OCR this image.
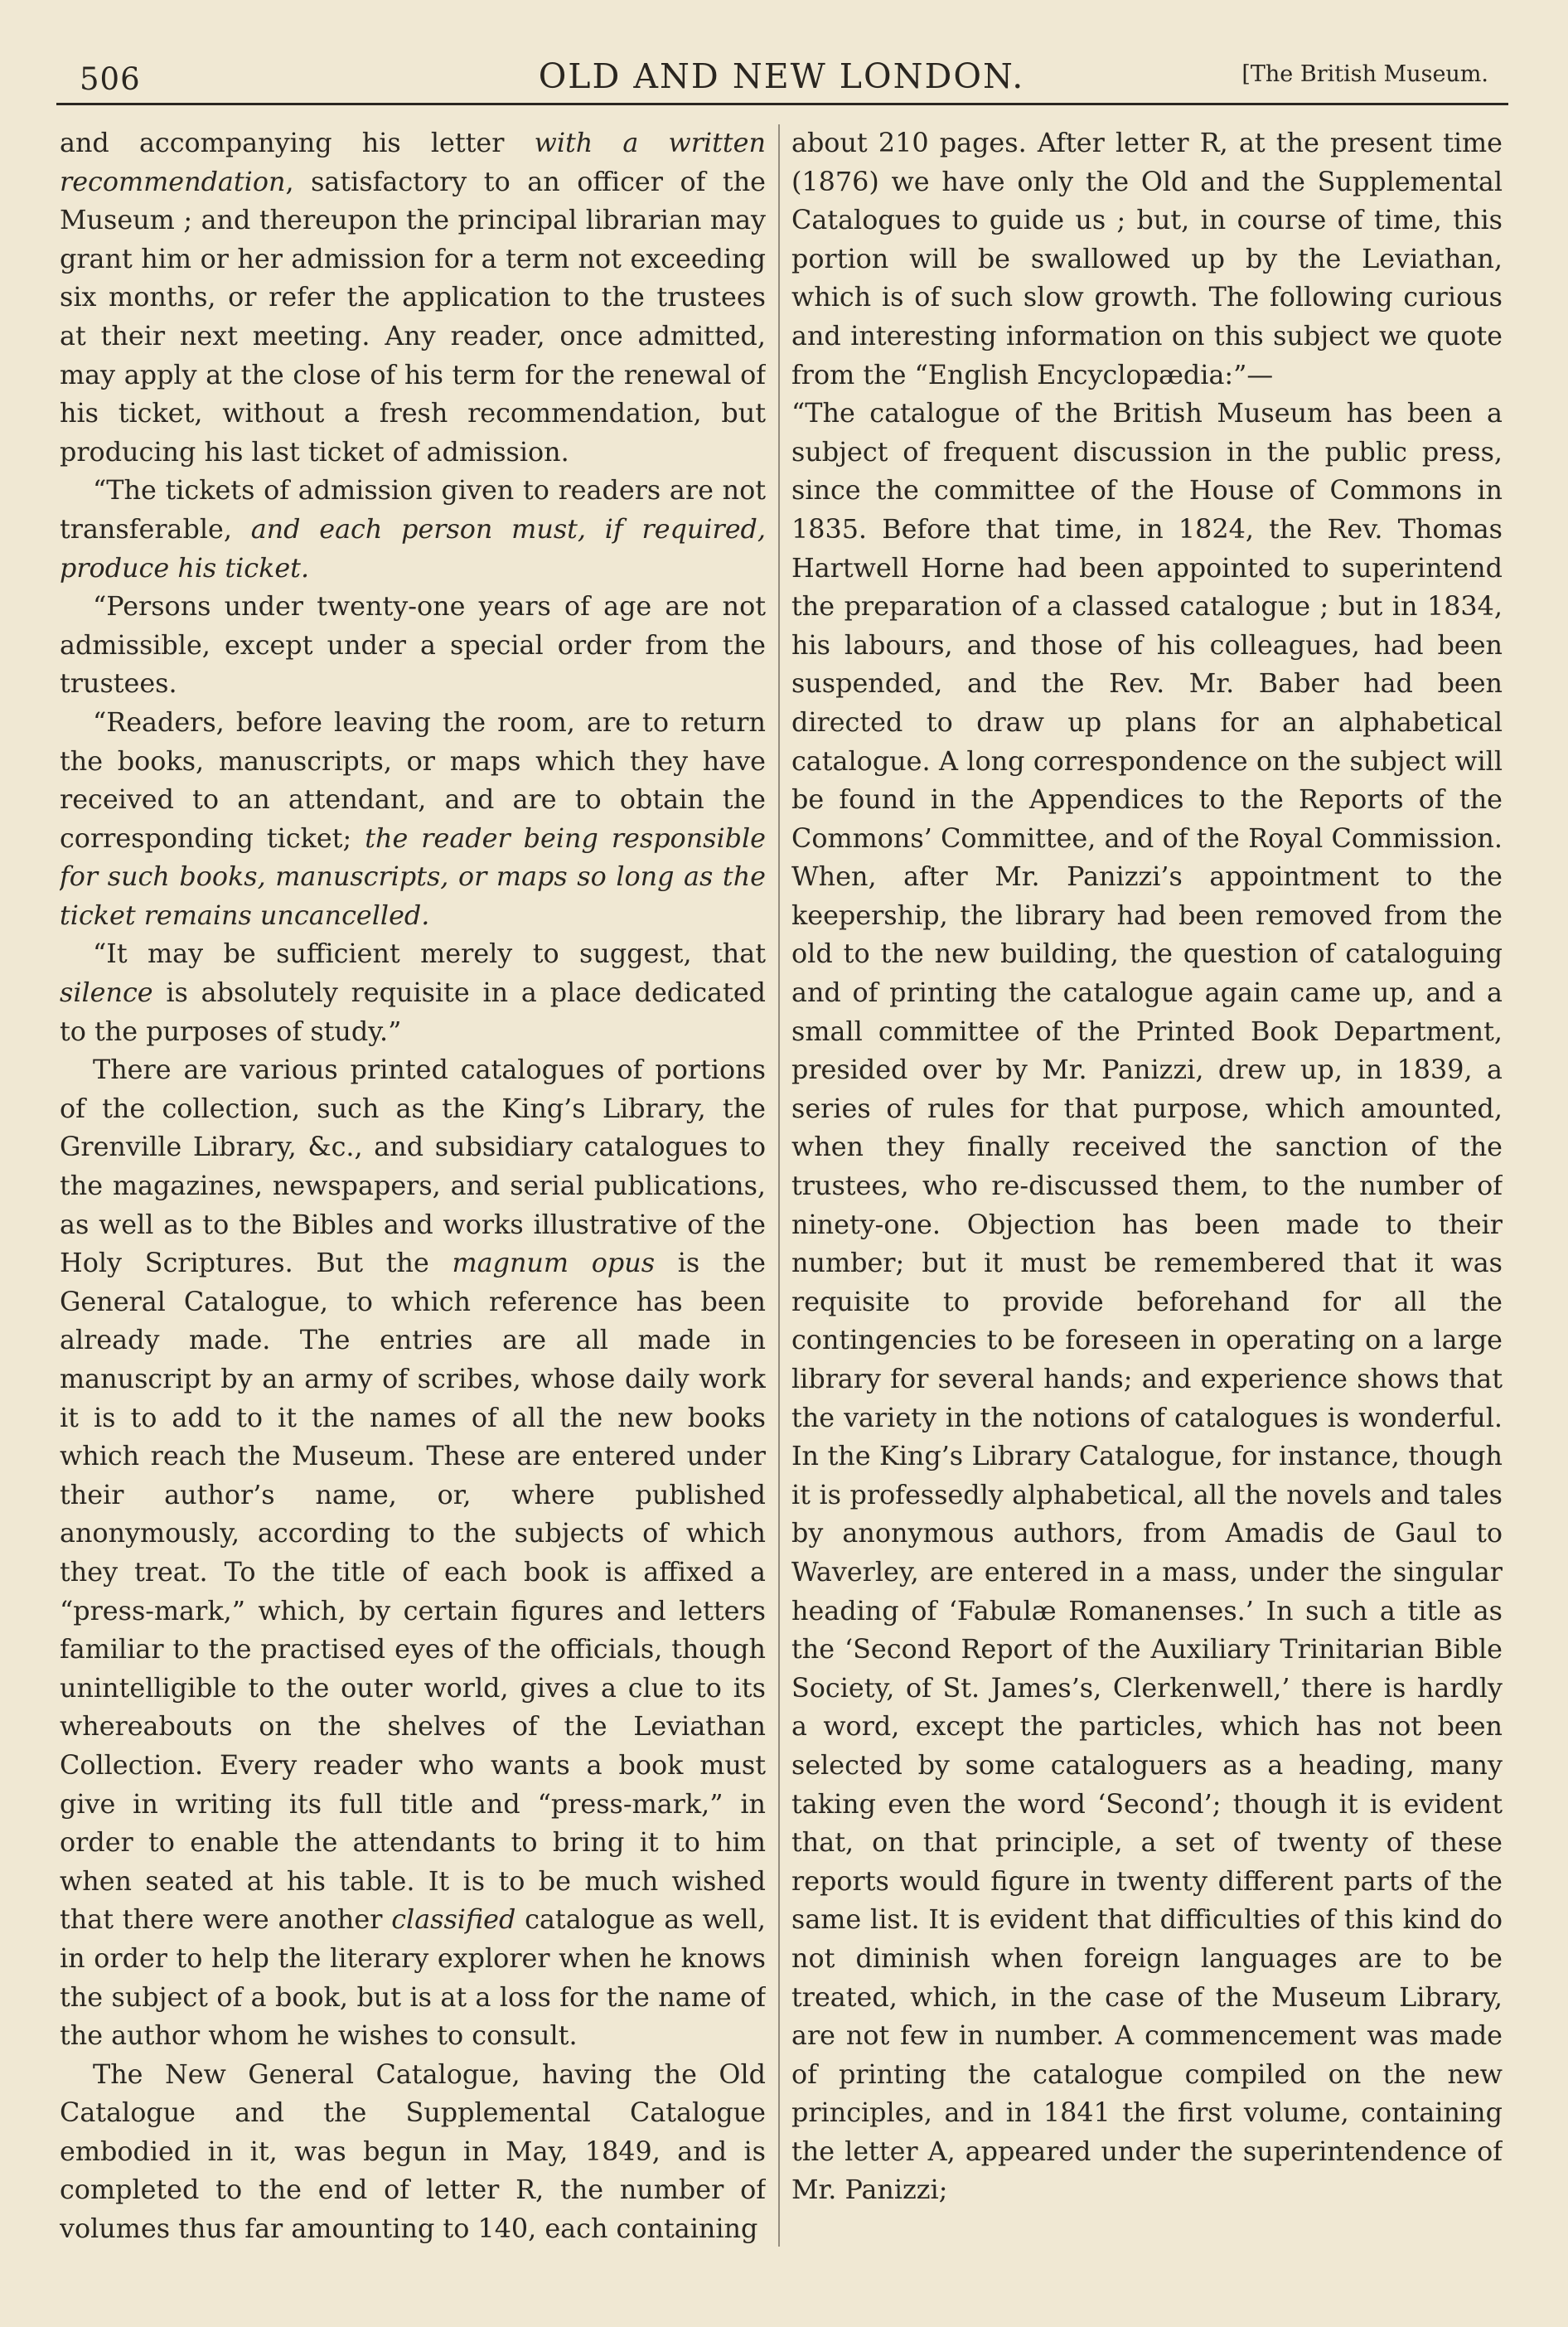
506	OLD AND NEW LONDON.	[The British Museum.

and accompanying his letter with a written recommendation, satisfactory to an officer of the Museum ; and thereupon the principal librarian may grant him or her admission for a term not exceeding six months, or refer the application to the trustees at their next meeting. Any reader, once admitted, may apply at the close of his term for the renewal of his ticket, without a fresh recommendation, but producing his last ticket of admission.

“The tickets of admission given to readers are not transferable, and each person must, if required, produce his ticket.

“Persons under twenty-one years of age are not admissible, except under a special order from the trustees.

“Readers, before leaving the room, are to return the books, manuscripts, or maps which they have received to an attendant, and are to obtain the corresponding ticket; the reader being responsible for such books, manuscripts, or maps so long as the ticket remains uncancelled.

“It may be sufficient merely to suggest, that silence is absolutely requisite in a place dedicated to the purposes of study.”

There are various printed catalogues of portions of the collection, such as the King’s Library, the Grenville Library, &c., and subsidiary catalogues to the magazines, newspapers, and serial publications, as well as to the Bibles and works illustrative of the Holy Scriptures. But the magnum opus is the General Catalogue, to which reference has been already made. The entries are all made in manuscript by an army of scribes, whose daily work it is to add to it the names of all the new books which reach the Museum. These are entered under their author’s name, or, where published anonymously, according to the subjects of which they treat. To the title of each book is affixed a “press-mark,” which, by certain figures and letters familiar to the practised eyes of the officials, though unintelligible to the outer world, gives a clue to its whereabouts on the shelves of the Leviathan Collection. Every reader who wants a book must give in writing its full title and “press-mark,” in order to enable the attendants to bring it to him when seated at his table. It is to be much wished that there were another classified catalogue as well, in order to help the literary explorer when he knows the subject of a book, but is at a loss for the name of the author whom he wishes to consult.

The New General Catalogue, having the Old Catalogue and the Supplemental Catalogue embodied in it, was begun in May, 1849, and is completed to the end of letter R, the number of volumes thus far amounting to 140, each containing

about 210 pages. After letter R, at the present time (1876) we have only the Old and the Supplemental Catalogues to guide us ; but, in course of time, this portion will be swallowed up by the Leviathan, which is of such slow growth. The following curious and interesting information on this subject we quote from the “English Encyclopædia:”—

“The catalogue of the British Museum has been a subject of frequent discussion in the public press, since the committee of the House of Commons in 1835. Before that time, in 1824, the Rev. Thomas Hartwell Horne had been appointed to superintend the preparation of a classed catalogue ; but in 1834, his labours, and those of his colleagues, had been suspended, and the Rev. Mr. Baber had been directed to draw up plans for an alphabetical catalogue. A long correspondence on the subject will be found in the Appendices to the Reports of the Commons’ Committee, and of the Royal Commission. When, after Mr. Panizzi’s appointment to the keepership, the library had been removed from the old to the new building, the question of cataloguing and of printing the catalogue again came up, and a small committee of the Printed Book Department, presided over by Mr. Panizzi, drew up, in 1839, a series of rules for that purpose, which amounted, when they finally received the sanction of the trustees, who re-discussed them, to the number of ninety-one. Objection has been made to their number; but it must be remembered that it was requisite to provide beforehand for all the contingencies to be foreseen in operating on a large library for several hands; and experience shows that the variety in the notions of catalogues is wonderful. In the King’s Library Catalogue, for instance, though it is professedly alphabetical, all the novels and tales by anonymous authors, from Amadis de Gaul to Waverley, are entered in a mass, under the singular heading of ‘Fabulæ Romanenses.’ In such a title as the ‘Second Report of the Auxiliary Trinitarian Bible Society, of St. James’s, Clerkenwell,’ there is hardly a word, except the particles, which has not been selected by some cataloguers as a heading, many taking even the word ‘Second’; though it is evident that, on that principle, a set of twenty of these reports would figure in twenty different parts of the same list. It is evident that difficulties of this kind do not diminish when foreign languages are to be treated, which, in the case of the Museum Library, are not few in number. A commencement was made of printing the catalogue compiled on the new principles, and in 1841 the first volume, containing the letter A, appeared under the superintendence of Mr. Panizzi;
